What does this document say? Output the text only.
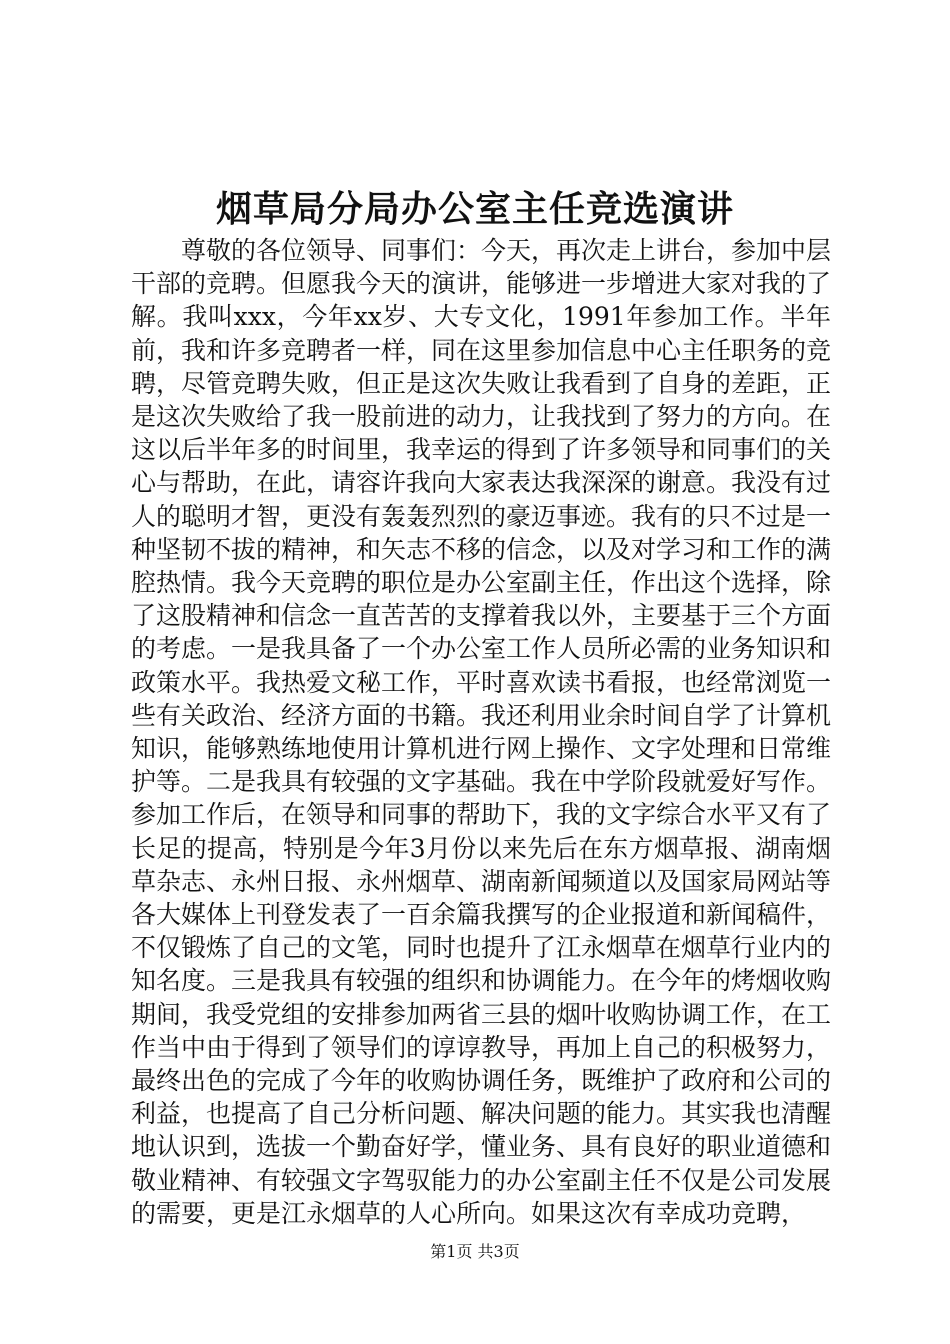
烟草局分局办公室主任竞选演讲

尊敬的各位领导、同事们：今天，再次走上讲台，参加中层干部的竞聘。但愿我今天的演讲，能够进一步增进大家对我的了解。我叫xxx，今年xx岁、大专文化，1991年参加工作。半年前，我和许多竞聘者一样，同在这里参加信息中心主任职务的竞聘，尽管竞聘失败，但正是这次失败让我看到了自身的差距，正是这次失败给了我一股前进的动力，让我找到了努力的方向。在这以后半年多的时间里，我幸运的得到了许多领导和同事们的关心与帮助，在此，请容许我向大家表达我深深的谢意。我没有过人的聪明才智，更没有轰轰烈烈的豪迈事迹。我有的只不过是一种坚韧不拔的精神，和矢志不移的信念，以及对学习和工作的满腔热情。我今天竞聘的职位是办公室副主任，作出这个选择，除了这股精神和信念一直苦苦的支撑着我以外，主要基于三个方面的考虑。一是我具备了一个办公室工作人员所必需的业务知识和政策水平。我热爱文秘工作，平时喜欢读书看报，也经常浏览一些有关政治、经济方面的书籍。我还利用业余时间自学了计算机知识，能够熟练地使用计算机进行网上操作、文字处理和日常维护等。二是我具有较强的文字基础。我在中学阶段就爱好写作。参加工作后，在领导和同事的帮助下，我的文字综合水平又有了长足的提高，特别是今年3月份以来先后在东方烟草报、湖南烟草杂志、永州日报、永州烟草、湖南新闻频道以及国家局网站等各大媒体上刊登发表了一百余篇我撰写的企业报道和新闻稿件，不仅锻炼了自己的文笔，同时也提升了江永烟草在烟草行业内的知名度。三是我具有较强的组织和协调能力。在今年的烤烟收购期间，我受党组的安排参加两省三县的烟叶收购协调工作，在工作当中由于得到了领导们的谆谆教导，再加上自己的积极努力，最终出色的完成了今年的收购协调任务，既维护了政府和公司的利益，也提高了自己分析问题、解决问题的能力。其实我也清醒地认识到，选拔一个勤奋好学，懂业务、具有良好的职业道德和敬业精神、有较强文字驾驭能力的办公室副主任不仅是公司发展的需要，更是江永烟草的人心所向。如果这次有幸成功竞聘，

第1页 共3页
